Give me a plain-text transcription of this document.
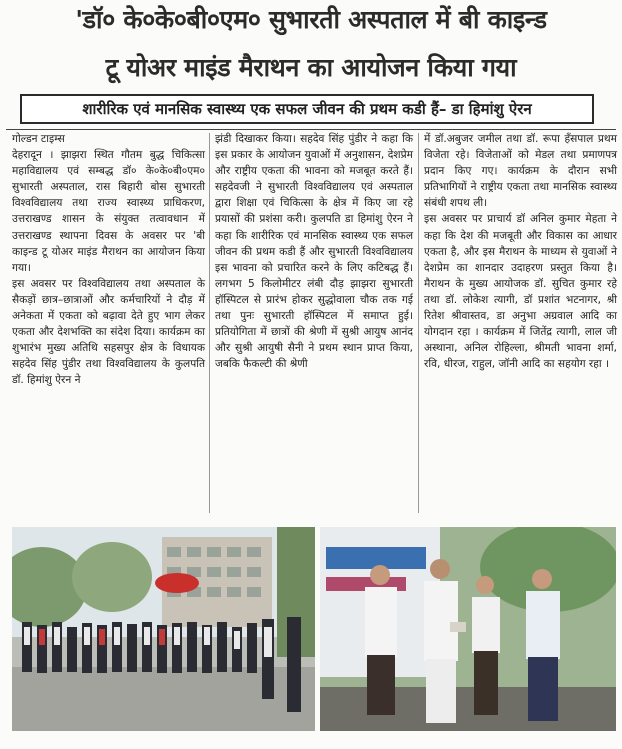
'डॉ० के०के०बी०एम० सुभारती अस्पताल में बी काइन्ड
टू योअर माइंड मैराथन का आयोजन किया गया
शारीरिक एवं मानसिक स्वास्थ्य एक सफल जीवन की प्रथम कडी हैं– डा हिमांशु ऐरन

गोल्डन टाइम्स

देहरादून । झाझरा स्थित गौतम बुद्ध चिकित्सा महाविद्यालय एवं सम्बद्ध डॉ० के०के०बी०एम० सुभारती अस्पताल, रास बिहारी बोस सुभारती विश्वविद्यालय तथा राज्य स्वास्थ्य प्राधिकरण, उत्तराखण्ड शासन के संयुक्त तत्वावधान में उत्तराखण्ड स्थापना दिवस के अवसर पर 'बी काइन्ड टू योअर माइंड मैराथन का आयोजन किया गया।

इस अवसर पर विश्वविद्यालय तथा अस्पताल के सैकड़ों छात्र–छात्राओं और कर्मचारियों ने दौड़ में अनेकता में एकता को बढ़ावा देते हुए भाग लेकर एकता और देशभक्ति का संदेश दिया। कार्यक्रम का शुभारंभ मुख्य अतिथि सहसपुर क्षेत्र के विधायक सहदेव सिंह पुंडीर तथा विश्वविद्यालय के कुलपति डॉ. हिमांशु ऐरन ने

झंडी दिखाकर किया। सहदेव सिंह पुंडीर ने कहा कि इस प्रकार के आयोजन युवाओं में अनुशासन, देशप्रेम और राष्ट्रीय एकता की भावना को मजबूत करते हैं। सहदेवजी ने सुभारती विश्वविद्यालय एवं अस्पताल द्वारा शिक्षा एवं चिकित्सा के क्षेत्र में किए जा रहे प्रयासों की प्रशंसा करी। कुलपति डा हिमांशु ऐरन ने कहा कि शारीरिक एवं मानसिक स्वास्थ्य एक सफल जीवन की प्रथम कडी हैं और सुभारती विश्वविद्यालय इस भावना को प्रचारित करने के लिए कटिबद्ध हैं। लगभग 5 किलोमीटर लंबी दौड़ झाझरा सुभारती हॉस्पिटल से प्रारंभ होकर सुद्धोवाला चौक तक गई तथा पुनः सुभारती हॉस्पिटल में समाप्त हुई। प्रतियोगिता में छात्रों की श्रेणी में सुश्री आयुष आनंद और सुश्री आयुषी सैनी ने प्रथम स्थान प्राप्त किया, जबकि फैकल्टी की श्रेणी

में डॉ.अबुजर जमील तथा डॉ. रूपा हँसपाल प्रथम विजेता रहे। विजेताओं को मेडल तथा प्रमाणपत्र प्रदान किए गए। कार्यक्रम के दौरान सभी प्रतिभागियों ने राष्ट्रीय एकता तथा मानसिक स्वास्थ्य संबंधी शपथ ली।

इस अवसर पर प्राचार्य डॉ अनिल कुमार मेहता ने कहा कि देश की मजबूती और विकास का आधार एकता है, और इस मैराथन के माध्यम से युवाओं ने देशप्रेम का शानदार उदाहरण प्रस्तुत किया है। मैराथन के मुख्य आयोजक डॉ. सुचित कुमार रहे तथा डॉ. लोकेश त्यागी, डॉ प्रशांत भटनागर, श्री रितेश श्रीवास्तव, डा अनुभा अग्रवाल आदि का योगदान रहा । कार्यक्रम में जितेंद्र त्यागी, लाल जी अस्थाना, अनिल रोहिल्ला, श्रीमती भावना शर्मा, रवि, धीरज, राहुल, जॉनी आदि का सहयोग रहा ।
